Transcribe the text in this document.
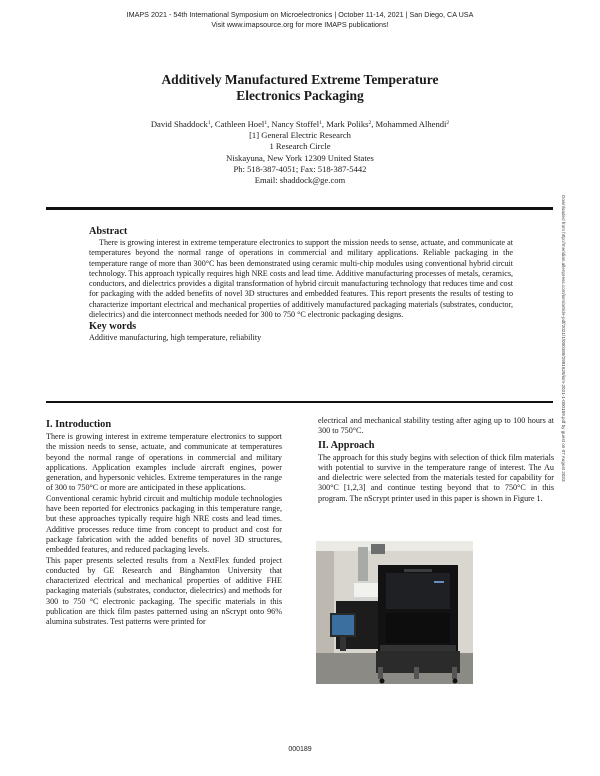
IMAPS 2021 - 54th International Symposium on Microelectronics | October 11-14, 2021 | San Diego, CA USA
Visit www.imapsource.org for more IMAPS publications!
Additively Manufactured Extreme Temperature
Electronics Packaging
David Shaddock$^1$, Cathleen Hoel$^1$, Nancy Stoffel$^1$, Mark Poliks$^2$, Mohammed Alhendi$^2$
[1] General Electric Research
1 Research Circle
Niskayuna, New York 12309 United States
Ph: 518-387-4051; Fax: 518-387-5442
Email: shaddock@ge.com
Abstract

There is growing interest in extreme temperature electronics to support the mission needs to sense, actuate, and communicate at temperatures beyond the normal range of operations in commercial and military applications. Reliable packaging in the temperature range of more than 300°C has been demonstrated using ceramic multi-chip modules using conventional hybrid circuit technology. This approach typically requires high NRE costs and lead time. Additive manufacturing processes of metals, ceramics, conductors, and dielectrics provides a digital transformation of hybrid circuit manufacturing technology that reduces time and cost for packaging with the added benefits of novel 3D structures and embedded features. This report presents the results of testing to characterize important electrical and mechanical properties of additively manufactured packaging materials (substrates, conductor, dielectrics) and die interconnect methods needed for 300 to 750 °C electronic packaging designs.

Key words

Additive manufacturing, high temperature, reliability

I. Introduction

There is growing interest in extreme temperature electronics to support the mission needs to sense, actuate, and communicate at temperatures beyond the normal range of operations in commercial and military applications. Application examples include aircraft engines, power generation, and hypersonic vehicles. Extreme temperatures in the range of 300 to 750°C or more are anticipated in these applications.

Conventional ceramic hybrid circuit and multichip module technologies have been reported for electronics packaging in this temperature range, but these approaches typically require high NRE costs and lead times. Additive processes reduce time from concept to product and cost for package fabrication with the added benefits of novel 3D structures, embedded features, and reduced packaging levels.

This paper presents selected results from a NextFlex funded project conducted by GE Research and Binghamton University that characterized electrical and mechanical properties of additive FHE packaging materials (substrates, conductor, dielectrics) and methods for 300 to 750 °C electronic packaging. The specific materials in this publication are thick film pastes patterned using an nScrypt onto 96% alumina substrates. Test patterns were printed for

electrical and mechanical stability testing after aging up to 100 hours at 300 to 750°C.

II. Approach

The approach for this study begins with selection of thick film materials with potential to survive in the temperature range of interest. The Au and dielectric were selected from the materials tested for capability for 300°C [1,2,3] and continue testing beyond that to 750°C in this program. The nScrypt printer used in this paper is shown in Figure 1.

Downloaded from http://meridian.allenpress.com/ism/article-pdf/2021/1/000189/2981628/ism-2021-1-000189.pdf by guest on 07 August 2023
000189
